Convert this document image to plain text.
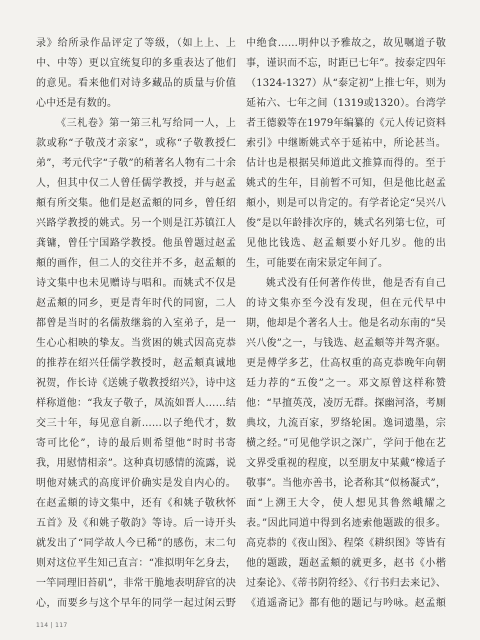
录》给所录作品评定了等级，（如上上、上中、中等）更以宜统复印的多重表达了他们的意见。看来他们对诗多藏品的质量与价值心中还是有数的。

《三札卷》第一第三札写给同一人，上款或称“子敬茂才亲家”，或称“子敬教授仁弟”，考元代字“子敬”的稍著名人物有二十余人，但其中仅二人曾任儒学教授，并与赵孟頫有所交集。他们是赵孟頫的同乡，曾任绍兴路学教授的姚式。另一个则是江苏镇江人龚镛，曾任宁国路学教授。他虽曾题过赵孟頫的画作，但二人的交往并不多，赵孟頫的诗文集中也未见赠诗与唱和。而姚式不仅是赵孟頫的同乡，更是青年时代的同窗，二人都曾是当时的名儒敖继翁的入室弟子，是一生心心相映的挚友。当赏困的姚式因高克恭的推荐在绍兴任儒学教授时，赵孟頫真诚地祝贺，作长诗《送姚子敬教授绍兴》，诗中这样称道他：“我友子敬子，凤流如晋人……结交三十年，每见意自新……以子绝代才，数寄可比伦”，诗的最后则希望他“时时书寄我，用慰情相亲”。这种真切感情的流露，说明他对姚式的高度评价确实是发自内心的。在赵孟頫的诗文集中，还有《和姚子敬秋怀五首》及《和姚子敬韵》等诗。后一诗开头就发出了“同学故人今已稀”的感伤，末二句则对这位平生知己直言：“准拟明年乞身去，一竿同理旧苔矶”，非常干脆地表明辞官的决心，而要乡与这个早年的同学一起过闲云野

中绝食……明仲以予雅故之，故见嘱道子敬事，谨识而不忘，时距已七年”。按泰定四年（1324-1327）从“泰定初”上推七年，则为延祐六、七年之间（1319或1320）。台湾学者王德毅等在1979年编纂的《元人传记资料索引》中继断姚式卒于延祐中，所论甚当。估计也是根据吴师道此文推算而得的。至于姚式的生年，目前暂不可知，但是他比赵孟頫小，则是可以肯定的。有学者论定“吴兴八俊”是以年龄排次序的，姚式名列第七位，可见他比钱选、赵孟頫要小好几岁。他的出生，可能要在南宋景定年间了。

姚式没有任何著作传世，他是否有自己的诗文集亦至今没有发现，但在元代早中期，他却是个著名人士。他是名动东南的“吴兴八俊”之一，与钱选、赵孟頫等并驾齐驱。更是傅学多艺，仕高权重的高克恭晚年向朝廷力荐的“五俊”之一。邓文原曾这样称赞他：“早擅英茂，凌厉无群。探幽河洛，考厕典坟，九流百家，罗络轮囷。逸词遗墨，宗横之经。”可见他学识之深广，学问于他在艺文界受重视的程度，以至朋友中某戴“橡适子敬事”。当他亦善书，论者称其“似杨凝式”，面“上溯王大令，使人想见其鲁然峨耀之表。”因此同道中得到名迹索他题跋的很多。高克恭的《夜山图》、程棨《耕织图》等皆有他的题跋，题赵孟頫的就更多，赵书《小楷过秦论》、《蒂书阴符经》、《行书归去来记》、《逍遥斋记》都有他的题记与吟咏。赵孟頫

114 | 117
